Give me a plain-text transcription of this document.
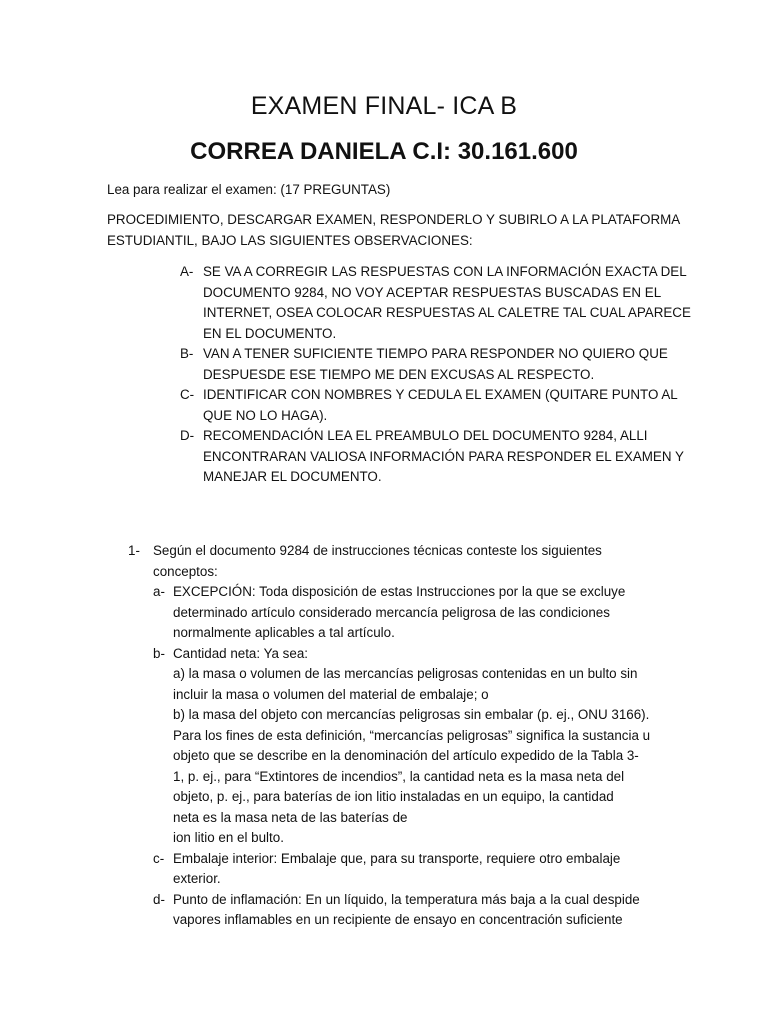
EXAMEN FINAL- ICA B
CORREA DANIELA C.I: 30.161.600
Lea para realizar el examen: (17 PREGUNTAS)
PROCEDIMIENTO, DESCARGAR EXAMEN, RESPONDERLO Y SUBIRLO A LA PLATAFORMA
ESTUDIANTIL, BAJO LAS SIGUIENTES OBSERVACIONES:
A- SE VA A CORREGIR LAS RESPUESTAS CON LA INFORMACIÓN EXACTA DEL
DOCUMENTO 9284, NO VOY ACEPTAR RESPUESTAS BUSCADAS EN EL
INTERNET, OSEA COLOCAR RESPUESTAS AL CALETRE TAL CUAL APARECE
EN EL DOCUMENTO.
B- VAN A TENER SUFICIENTE TIEMPO PARA RESPONDER NO QUIERO QUE
DESPUESDE ESE TIEMPO ME DEN EXCUSAS AL RESPECTO.
C- IDENTIFICAR CON NOMBRES Y CEDULA EL EXAMEN (QUITARE PUNTO AL
QUE NO LO HAGA).
D- RECOMENDACIÓN LEA EL PREAMBULO DEL DOCUMENTO 9284, ALLI
ENCONTRARAN VALIOSA INFORMACIÓN PARA RESPONDER EL EXAMEN Y
MANEJAR EL DOCUMENTO.
1- Según el documento 9284 de instrucciones técnicas conteste los siguientes
conceptos:
a- EXCEPCIÓN: Toda disposición de estas Instrucciones por la que se excluye
determinado artículo considerado mercancía peligrosa de las condiciones
normalmente aplicables a tal artículo.
b- Cantidad neta: Ya sea:
a) la masa o volumen de las mercancías peligrosas contenidas en un bulto sin
incluir la masa o volumen del material de embalaje; o
b) la masa del objeto con mercancías peligrosas sin embalar (p. ej., ONU 3166).
Para los fines de esta definición, “mercancías peligrosas” significa la sustancia u
objeto que se describe en la denominación del artículo expedido de la Tabla 3-
1, p. ej., para “Extintores de incendios”, la cantidad neta es la masa neta del
objeto, p. ej., para baterías de ion litio instaladas en un equipo, la cantidad
neta es la masa neta de las baterías de
ion litio en el bulto.
c- Embalaje interior: Embalaje que, para su transporte, requiere otro embalaje
exterior.
d- Punto de inflamación: En un líquido, la temperatura más baja a la cual despide
vapores inflamables en un recipiente de ensayo en concentración suficiente
